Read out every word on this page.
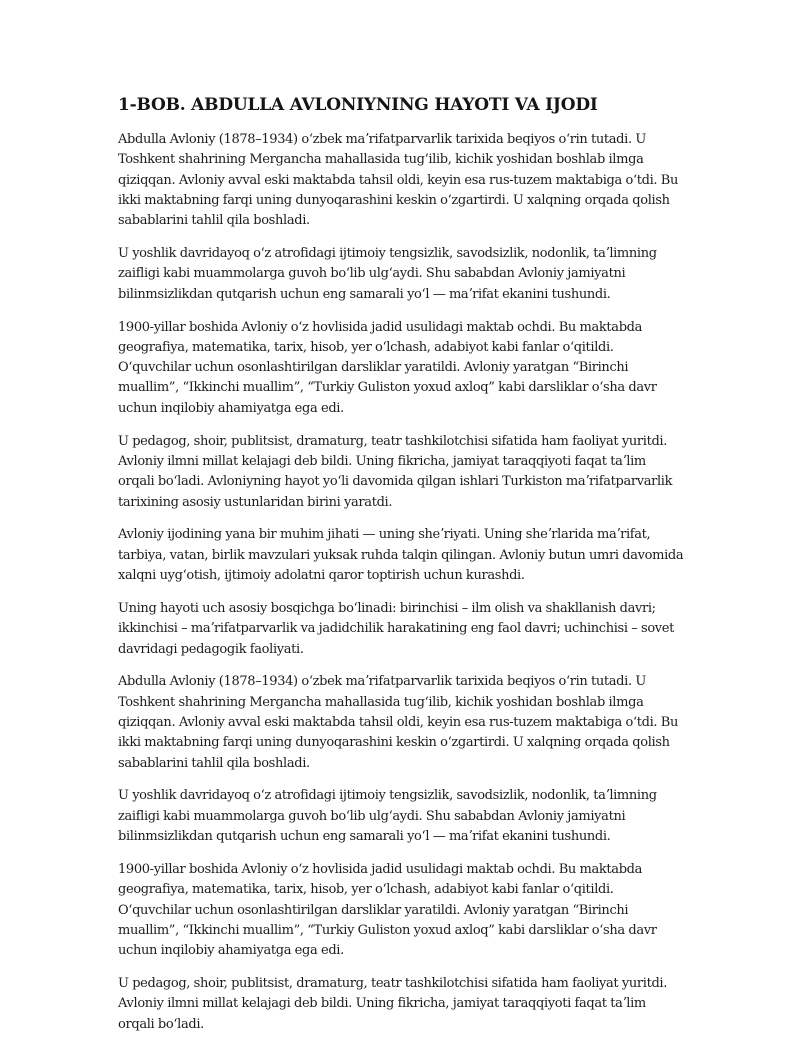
1-BOB. ABDULLA AVLONIYNING HAYOTI VA IJODI

Abdulla Avloniy (1878–1934) oʻzbek maʼrifatparvarlik tarixida beqiyos oʻrin tutadi. U Toshkent shahrining Mergancha mahallasida tugʻilib, kichik yoshidan boshlab ilmga qiziqqan. Avloniy avval eski maktabda tahsil oldi, keyin esa rus-tuzem maktabiga oʻtdi. Bu ikki maktabning farqi uning dunyoqarashini keskin oʻzgartirdi. U xalqning orqada qolish sabablarini tahlil qila boshladi.

U yoshlik davridayoq oʻz atrofidagi ijtimoiy tengsizlik, savodsizlik, nodonlik, taʼlimning zaifligi kabi muammolarga guvoh boʻlib ulgʻaydi. Shu sababdan Avloniy jamiyatni bilinmsizlikdan qutqarish uchun eng samarali yoʻl — maʼrifat ekanini tushundi.

1900-yillar boshida Avloniy oʻz hovlisida jadid usulidagi maktab ochdi. Bu maktabda geografiya, matematika, tarix, hisob, yer oʻlchash, adabiyot kabi fanlar oʻqitildi. Oʻquvchilar uchun osonlashtirilgan darsliklar yaratildi. Avloniy yaratgan “Birinchi muallim”, “Ikkinchi muallim”, “Turkiy Guliston yoxud axloq” kabi darsliklar oʻsha davr uchun inqilobiy ahamiyatga ega edi.

U pedagog, shoir, publitsist, dramaturg, teatr tashkilotchisi sifatida ham faoliyat yuritdi. Avloniy ilmni millat kelajagi deb bildi. Uning fikricha, jamiyat taraqqiyoti faqat taʼlim orqali boʻladi. Avloniyning hayot yoʻli davomida qilgan ishlari Turkiston maʼrifatparvarlik tarixining asosiy ustunlaridan birini yaratdi.

Avloniy ijodining yana bir muhim jihati — uning sheʼriyati. Uning sheʼrlarida maʼrifat, tarbiya, vatan, birlik mavzulari yuksak ruhda talqin qilingan. Avloniy butun umri davomida xalqni uygʻotish, ijtimoiy adolatni qaror toptirish uchun kurashdi.

Uning hayoti uch asosiy bosqichga boʻlinadi: birinchisi – ilm olish va shakllanish davri; ikkinchisi – maʼrifatparvarlik va jadidchilik harakatining eng faol davri; uchinchisi – sovet davridagi pedagogik faoliyati.

Abdulla Avloniy (1878–1934) oʻzbek maʼrifatparvarlik tarixida beqiyos oʻrin tutadi. U Toshkent shahrining Mergancha mahallasida tugʻilib, kichik yoshidan boshlab ilmga qiziqqan. Avloniy avval eski maktabda tahsil oldi, keyin esa rus-tuzem maktabiga oʻtdi. Bu ikki maktabning farqi uning dunyoqarashini keskin oʻzgartirdi. U xalqning orqada qolish sabablarini tahlil qila boshladi.

U yoshlik davridayoq oʻz atrofidagi ijtimoiy tengsizlik, savodsizlik, nodonlik, taʼlimning zaifligi kabi muammolarga guvoh boʻlib ulgʻaydi. Shu sababdan Avloniy jamiyatni bilinmsizlikdan qutqarish uchun eng samarali yoʻl — maʼrifat ekanini tushundi.

1900-yillar boshida Avloniy oʻz hovlisida jadid usulidagi maktab ochdi. Bu maktabda geografiya, matematika, tarix, hisob, yer oʻlchash, adabiyot kabi fanlar oʻqitildi. Oʻquvchilar uchun osonlashtirilgan darsliklar yaratildi. Avloniy yaratgan “Birinchi muallim”, “Ikkinchi muallim”, “Turkiy Guliston yoxud axloq” kabi darsliklar oʻsha davr uchun inqilobiy ahamiyatga ega edi.

U pedagog, shoir, publitsist, dramaturg, teatr tashkilotchisi sifatida ham faoliyat yuritdi. Avloniy ilmni millat kelajagi deb bildi. Uning fikricha, jamiyat taraqqiyoti faqat taʼlim orqali boʻladi.
